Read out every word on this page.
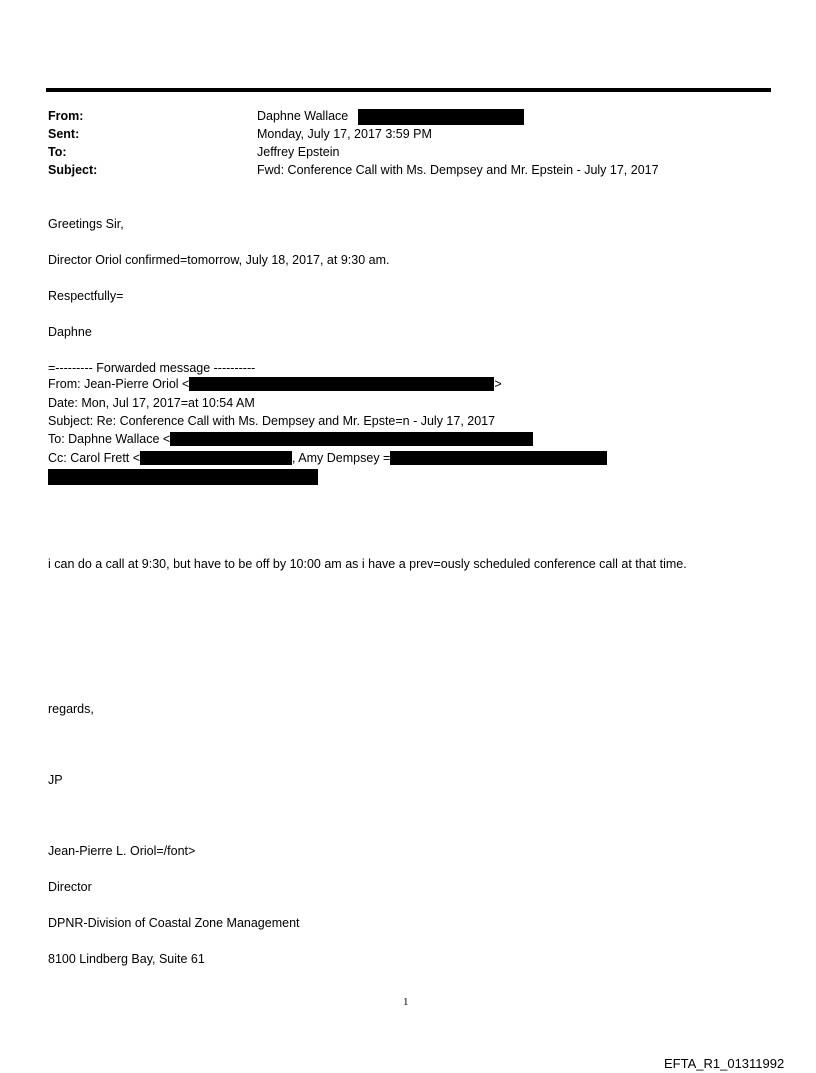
From:	Daphne Wallace
Sent:	Monday, July 17, 2017 3:59 PM
To:	Jeffrey Epstein
Subject:	Fwd: Conference Call with Ms. Dempsey and Mr. Epstein - July 17, 2017
Greetings Sir,
Director Oriol confirmed=tomorrow, July 18, 2017, at 9:30 am.
Respectfully=
Daphne
=--------- Forwarded message ----------
From: Jean-Pierre Oriol <	>
Date: Mon, Jul 17, 2017=at 10:54 AM
Subject: Re: Conference Call with Ms. Dempsey and Mr. Epste=n - July 17, 2017
To: Daphne Wallace <
Cc: Carol Frett <	, Amy Dempsey =
i can do a call at 9:30, but have to be off by 10:00 am as i have a prev=ously scheduled conference call at that time.
regards,
JP
Jean-Pierre L. Oriol=/font>
Director
DPNR-Division of Coastal Zone Management
8100 Lindberg Bay, Suite 61
1
EFTA_R1_01311992
